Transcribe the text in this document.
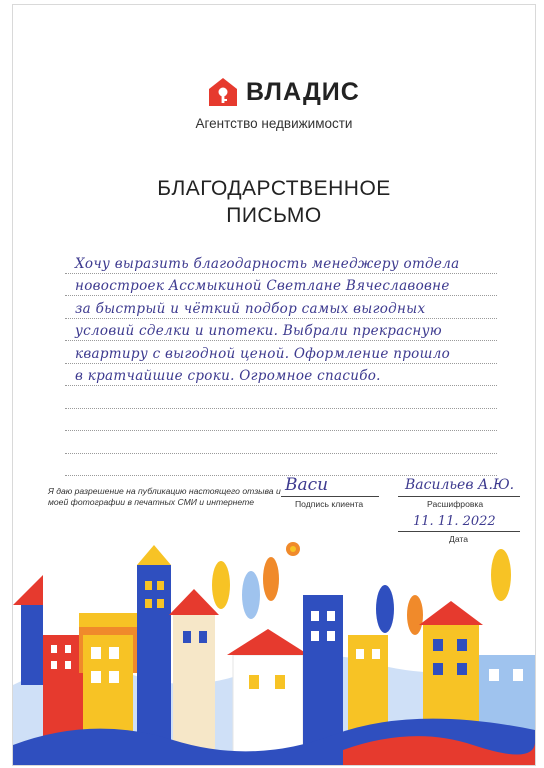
ВЛАДИС
Агентство недвижимости
БЛАГОДАРСТВЕННОЕ
ПИСЬМО
Хочу выразить благодарность менеджеру отдела
новостроек Ассмыкиной Светлане Вячеславовне
за быстрый и чёткий подбор самых выгодных
условий сделки и ипотеки. Выбрали прекрасную
квартиру с выгодной ценой. Оформление прошло
в кратчайшие сроки. Огромное спасибо.
Я даю разрешение на публикацию настоящего отзыва и моей фотографии в печатных СМИ и интернете
Васи
Подпись клиента
Васильев А.Ю.
Расшифровка
11. 11. 2022
Дата
